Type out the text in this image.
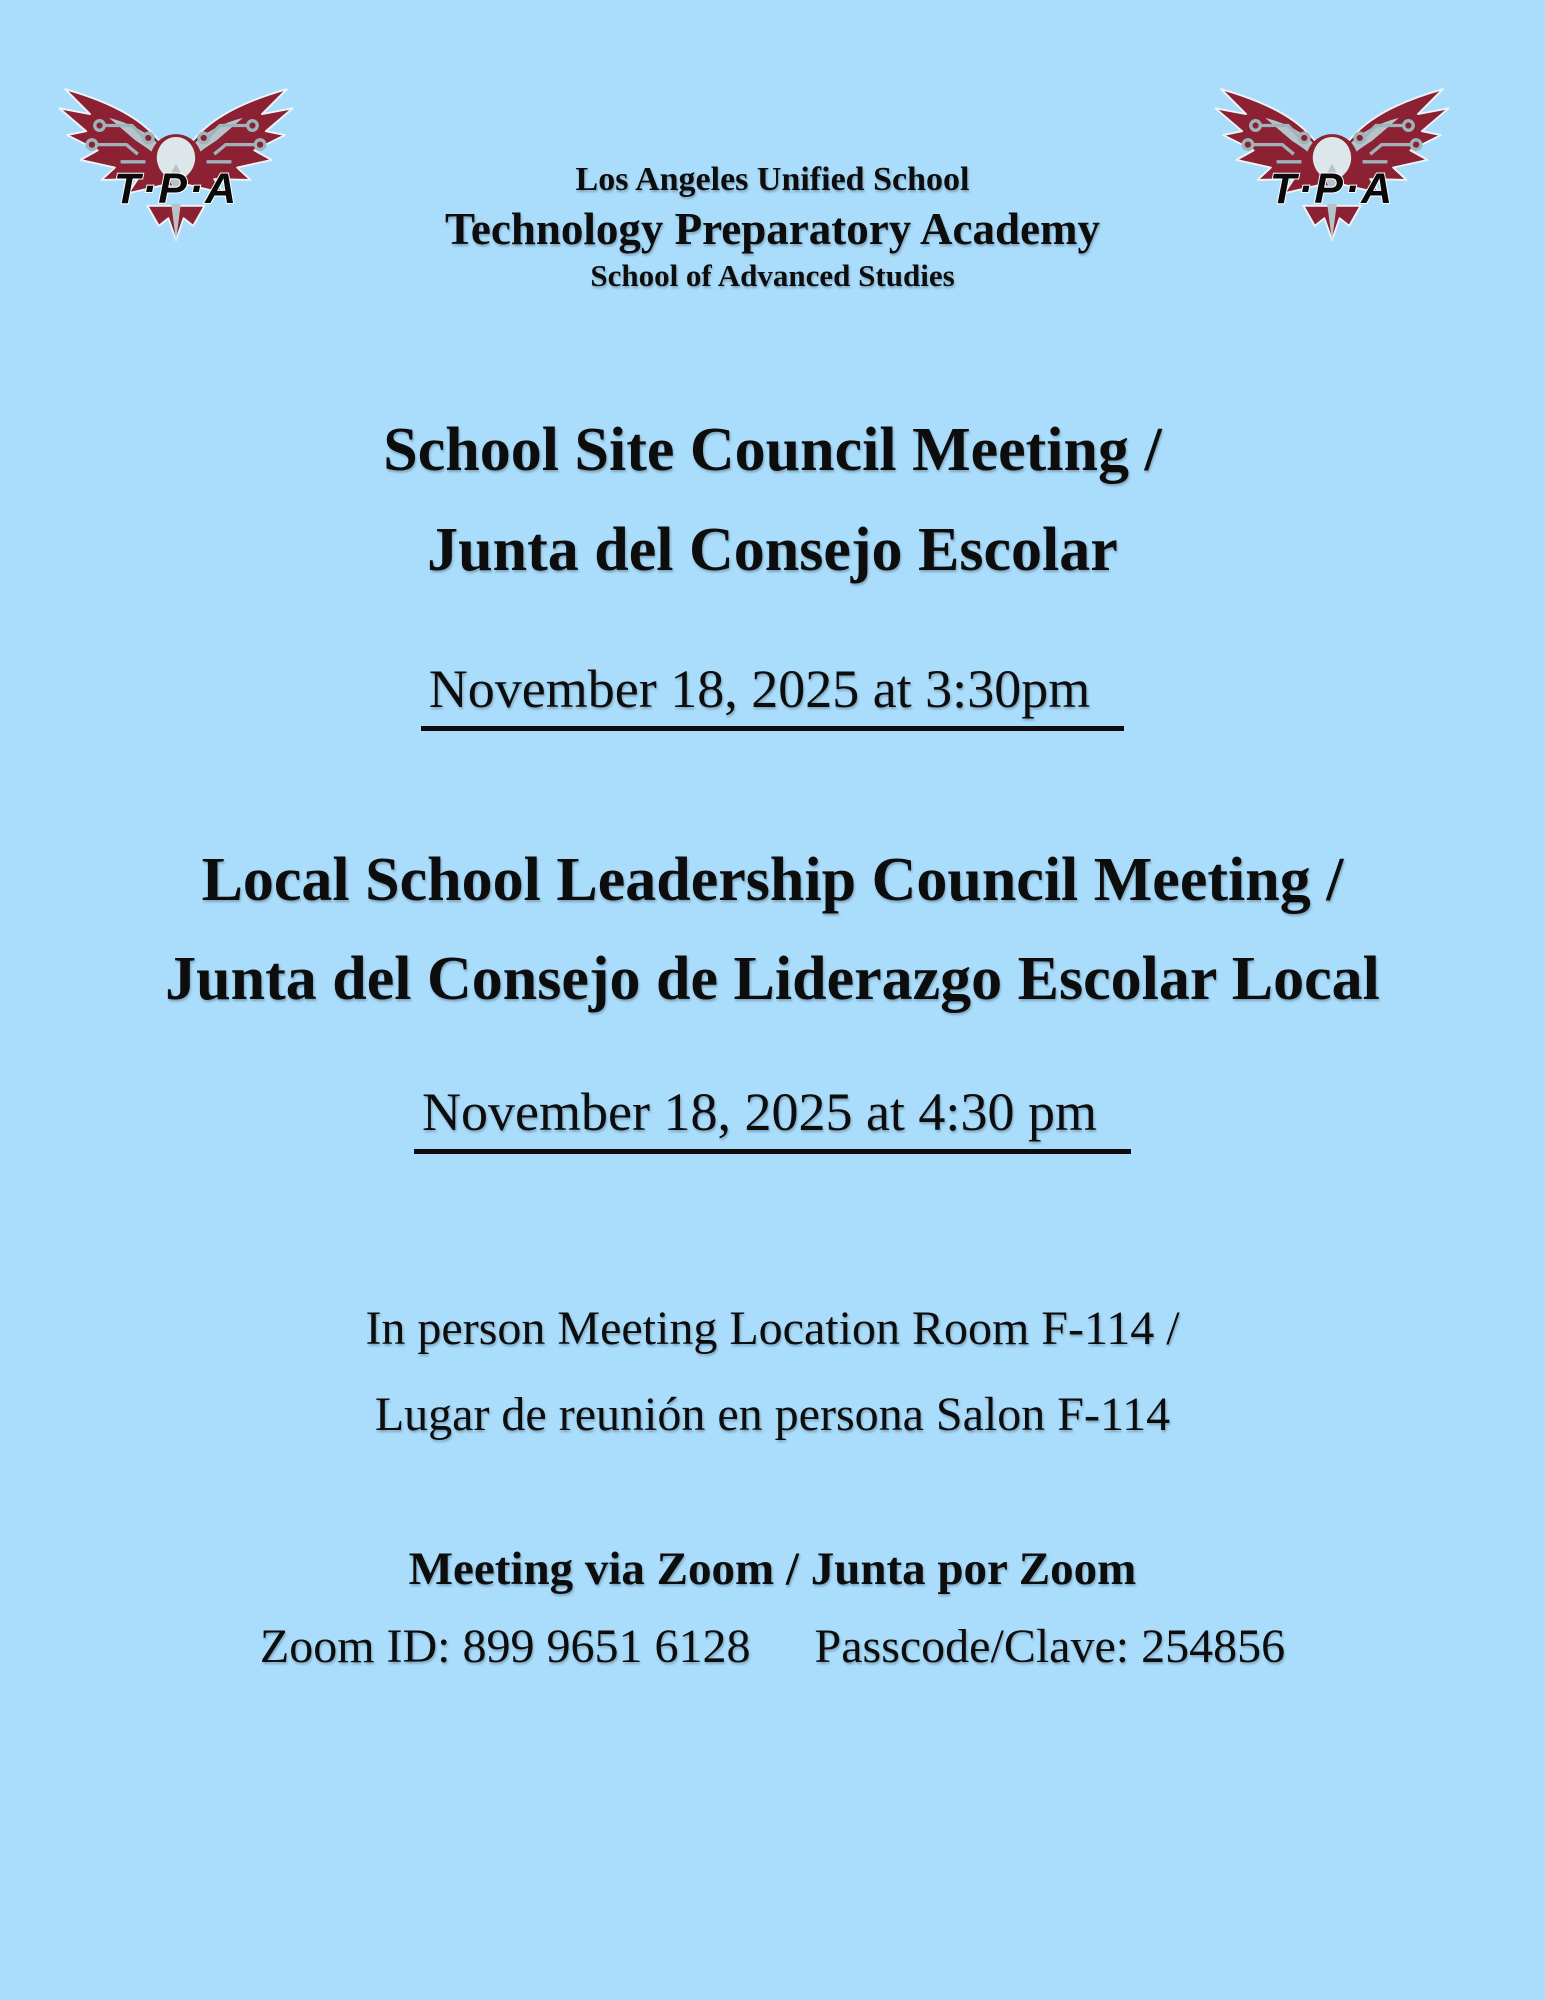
T·P·A	T·P·A
Los Angeles Unified School
Technology Preparatory Academy
School of Advanced Studies
School Site Council Meeting /
Junta del Consejo Escolar
November 18, 2025 at 3:30pm
Local School Leadership Council Meeting /
Junta del Consejo de Liderazgo Escolar Local
November 18, 2025 at 4:30 pm
In person Meeting Location Room F-114 /
Lugar de reunión en persona Salon F-114
Meeting via Zoom / Junta por Zoom
Zoom ID: 899 9651 6128 Passcode/Clave: 254856
